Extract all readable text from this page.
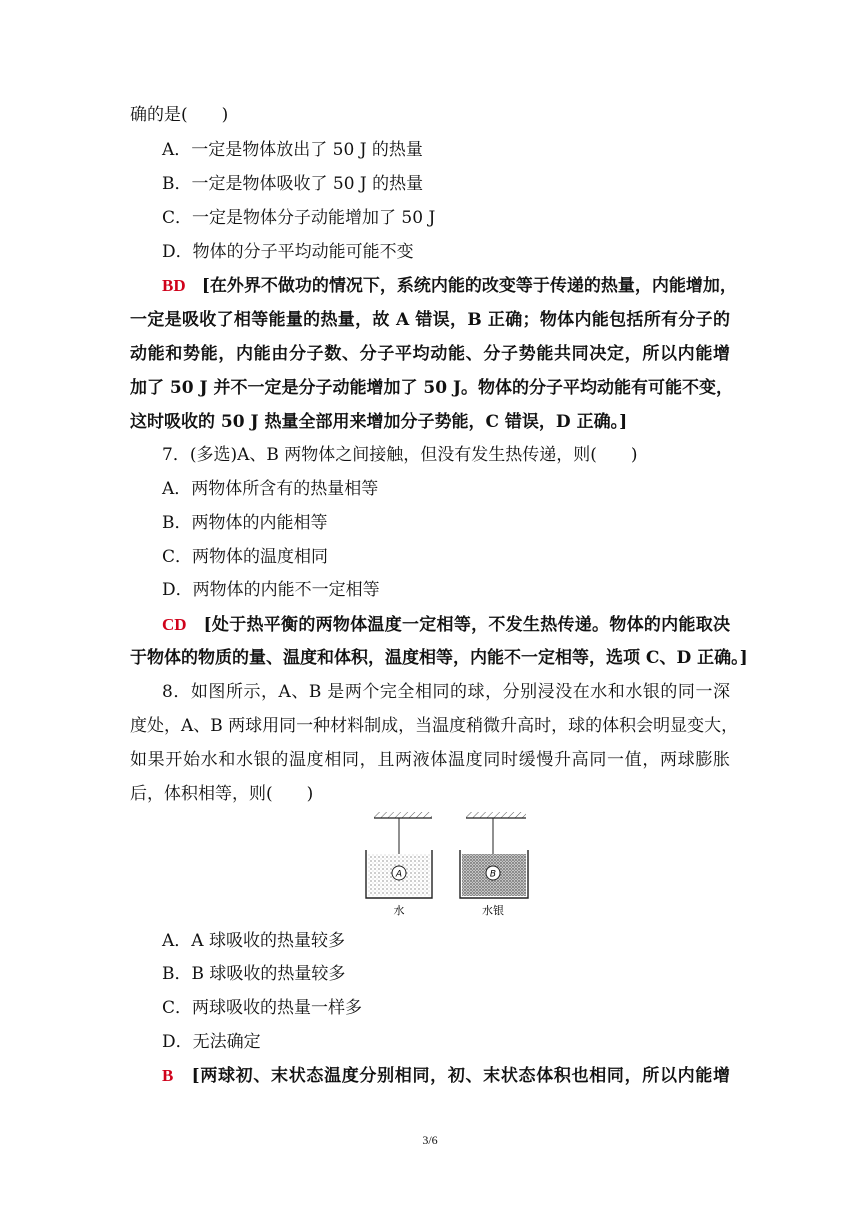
确的是(　　)
A．一定是物体放出了 50 J 的热量
B．一定是物体吸收了 50 J 的热量
C．一定是物体分子动能增加了 50 J
D．物体的分子平均动能可能不变
BD [在外界不做功的情况下，系统内能的改变等于传递的热量，内能增加，
一定是吸收了相等能量的热量，故 A 错误，B 正确；物体内能包括所有分子的
动能和势能，内能由分子数、分子平均动能、分子势能共同决定，所以内能增
加了 50 J 并不一定是分子动能增加了 50 J。物体的分子平均动能有可能不变，
这时吸收的 50 J 热量全部用来增加分子势能，C 错误，D 正确。]
7．(多选)A、B 两物体之间接触，但没有发生热传递，则(　　)
A．两物体所含有的热量相等
B．两物体的内能相等
C．两物体的温度相同
D．两物体的内能不一定相等
CD [处于热平衡的两物体温度一定相等，不发生热传递。物体的内能取决
于物体的物质的量、温度和体积，温度相等，内能不一定相等，选项 C、D 正确。]
8．如图所示，A、B 是两个完全相同的球，分别浸没在水和水银的同一深
度处，A、B 两球用同一种材料制成，当温度稍微升高时，球的体积会明显变大，
如果开始水和水银的温度相同，且两液体温度同时缓慢升高同一值，两球膨胀
后，体积相等，则(　　)
A
水
B
水银
A．A 球吸收的热量较多
B．B 球吸收的热量较多
C．两球吸收的热量一样多
D．无法确定
B [两球初、末状态温度分别相同，初、末状态体积也相同，所以内能增
3/6
